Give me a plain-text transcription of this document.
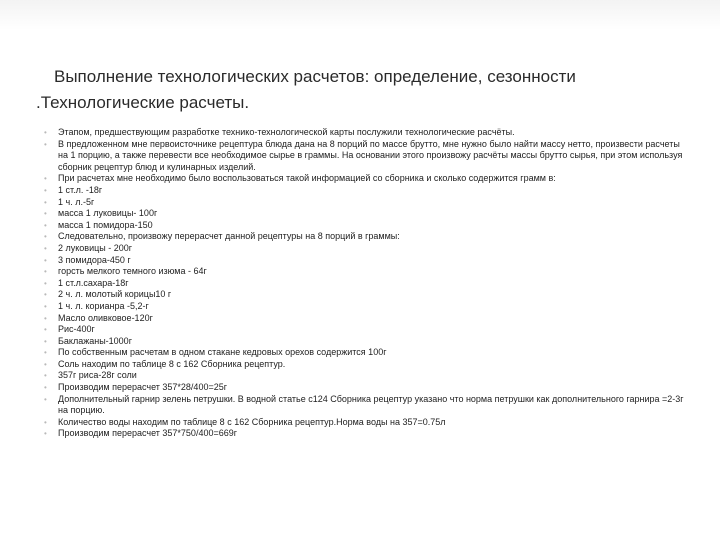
Выполнение технологических расчетов: определение, сезонности
.Технологические расчеты.
• Этапом, предшествующим разработке технико-технологической карты послужили технологические расчёты.
• В предложенном мне первоисточнике рецептура блюда дана на 8 порций по массе брутто, мне нужно было найти массу нетто, произвести расчеты на 1 порцию, а также перевести все необходимое сырье в граммы. На основании этого произвожу расчёты массы брутто сырья, при этом используя сборник рецептур блюд и кулинарных изделий.
• При расчетах мне необходимо было воспользоваться такой информацией со сборника и сколько содержится грамм в:
• 1 ст.л. -18г
• 1 ч. л.-5г
• масса 1 луковицы- 100г
• масса 1 помидора-150
• Следовательно, произвожу перерасчет данной рецептуры на 8 порций в граммы:
• 2 луковицы - 200г
• 3 помидора-450 г
• горсть мелкого темного изюма - 64г
• 1 ст.л.сахара-18г
• 2 ч. л. молотый корицы10 г
• 1 ч. л. корианра -5,2-г
• Масло оливковое-120г
• Рис-400г
• Баклажаны-1000г
• По собственным расчетам в одном стакане кедровых орехов содержится 100г
• Соль находим по таблице 8 с 162 Сборника рецептур.
• 357г риса-28г соли
• Производим перерасчет 357*28/400=25г
• Дополнительный гарнир зелень петрушки. В водной статье с124 Сборника рецептур указано что норма петрушки как дополнительного гарнира =2-3г на порцию.
• Количество воды находим по таблице 8 с 162 Сборника рецептур.Норма воды на 357=0.75л
• Производим перерасчет 357*750/400=669г
